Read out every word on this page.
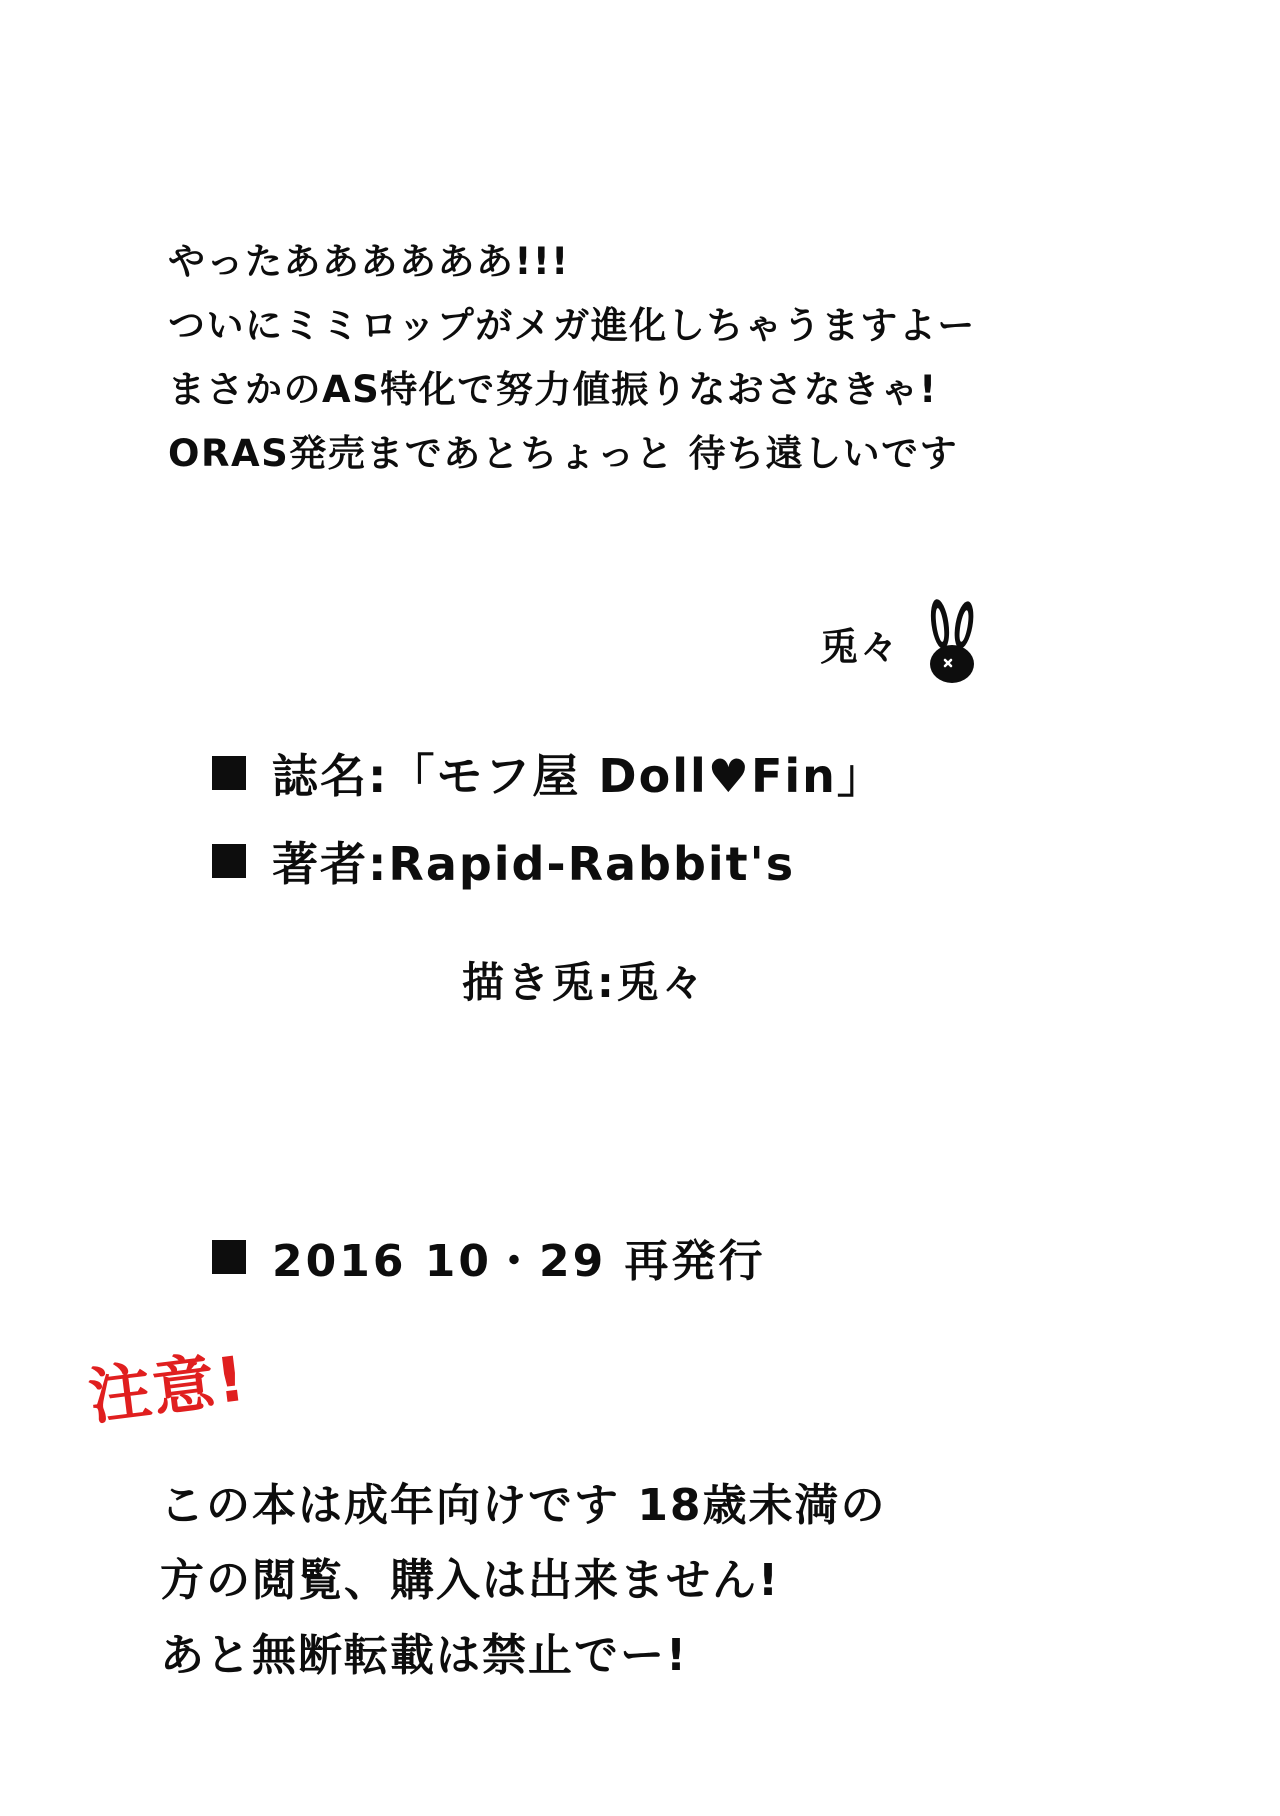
やったああああああ!!!
ついにミミロップがメガ進化しちゃうますよー
まさかのAS特化で努力値振りなおさなきゃ!
ORAS発売まであとちょっと 待ち遠しいです
兎々
誌名:「モフ屋 Doll♥Fin」
著者:Rapid-Rabbit's
描き兎:兎々
2016 10・29 再発行
注意!
この本は成年向けです 18歳未満の
方の閲覧、購入は出来ません!
あと無断転載は禁止でー!
